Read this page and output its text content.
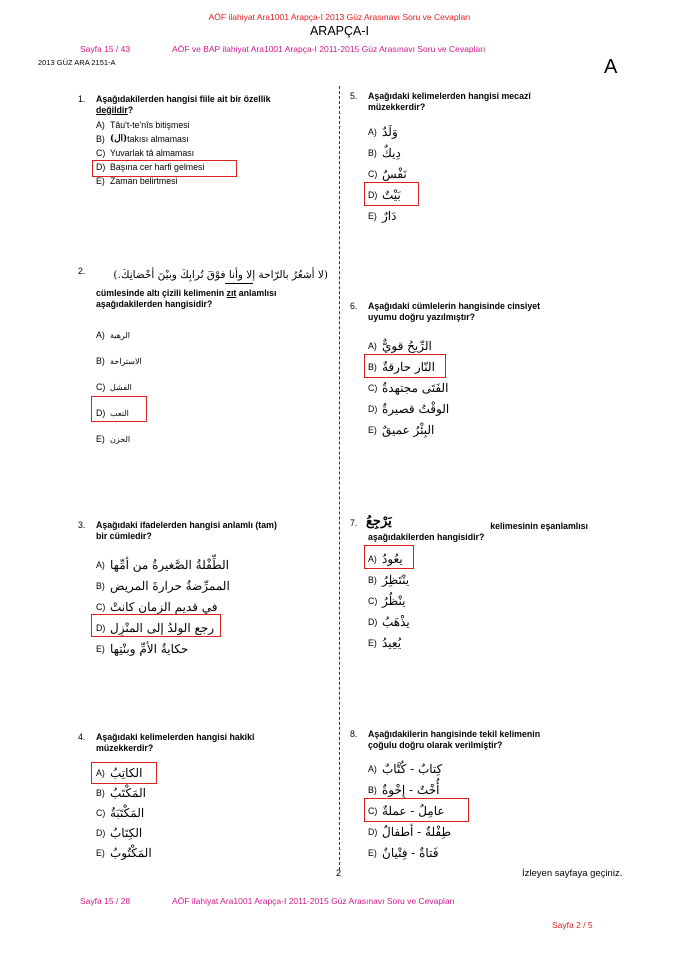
AÖF ilahiyat Ara1001 Arapça-I 2013 Güz Arasınavı Soru ve Cevapları
ARAPÇA-I
Sayfa 15 / 43	AÖF ve BAP ilahiyat Ara1001 Arapça-I 2011-2015 Güz Arasınavı Soru ve Cevapları
2013 GÜZ ARA 2151-A	A
1. Aşağıdakilerden hangisi fiile ait bir özellik
değildir?
A) Tâu't-te'nîs bitişmesi
B) (ال) takısı almaması
C) Yuvarlak tâ almaması
D) Başına cer harfi gelmesi
E) Zaman belirtmesi
2.	(لا أشعُرُ بالرّاحة إلا وأنا فوْقَ تُرابِكَ وبيْنَ أحْضانِكَ.)
cümlesinde altı çizili kelimenin zıt anlamlısı
aşağıdakilerden hangisidir?
A) الرهبة
B) الاستراحة
C) الفشل
D) التعب
E) الحزن
3. Aşağıdaki ifadelerden hangisi anlamlı (tam)
bir cümledir?
A) الطِّفْلةُ الصَّغيرةُ من أمِّها
B) الممرِّضةُ حرارةَ المريض
C) في قديم الزمان كانتْ
D) رجع الولدُ إلى المنْزِل
E) حكايةُ الأمِّ وبنْتِها
4. Aşağıdaki kelimelerden hangisi hakikî
müzekkerdir?
A) الكاتِبُ
B) المَكْتَبُ
C) المَكْتَبَةُ
D) الكِتَابُ
E) المَكْتُوبُ
5. Aşağıdaki kelimelerden hangisi mecazî
müzekkerdir?
A) وَلَدٌ
B) دِيكٌ
C) نَفْسٌ
D) بَيْتٌ
E) دَارٌ
6. Aşağıdaki cümlelerin hangisinde cinsiyet
uyumu doğru yazılmıştır?
A) الرِّيحُ قويٌّ
B) النّار حارقةٌ
C) الفَتَى مجتهدةٌ
D) الوقْتُ قصيرةٌ
E) البِئْرُ عميقٌ
7. يَرْجِعُ	kelimesinin eşanlamlısı
aşağıdakilerden hangisidir?
A) يعُودُ
B) ينْتَظِرُ
C) ينْظُرُ
D) يذْهَبُ
E) يُعِيدُ
8. Aşağıdakilerin hangisinde tekil kelimenin
çoğulu doğru olarak verilmiştir?
A) كِتابٌ - كُتَّابٌ
B) أُخْتٌ - إِخْوةٌ
C) عامِلٌ - عملةٌ
D) طِفْلةٌ - أطفالٌ
E) فَتاةٌ - فِتْيانٌ
2	İzleyen sayfaya geçiniz.
Sayfa 15 / 28	AÖF ilahiyat Ara1001 Arapça-I 2011-2015 Güz Arasınavı Soru ve Cevapları
Sayfa 2 / 5
